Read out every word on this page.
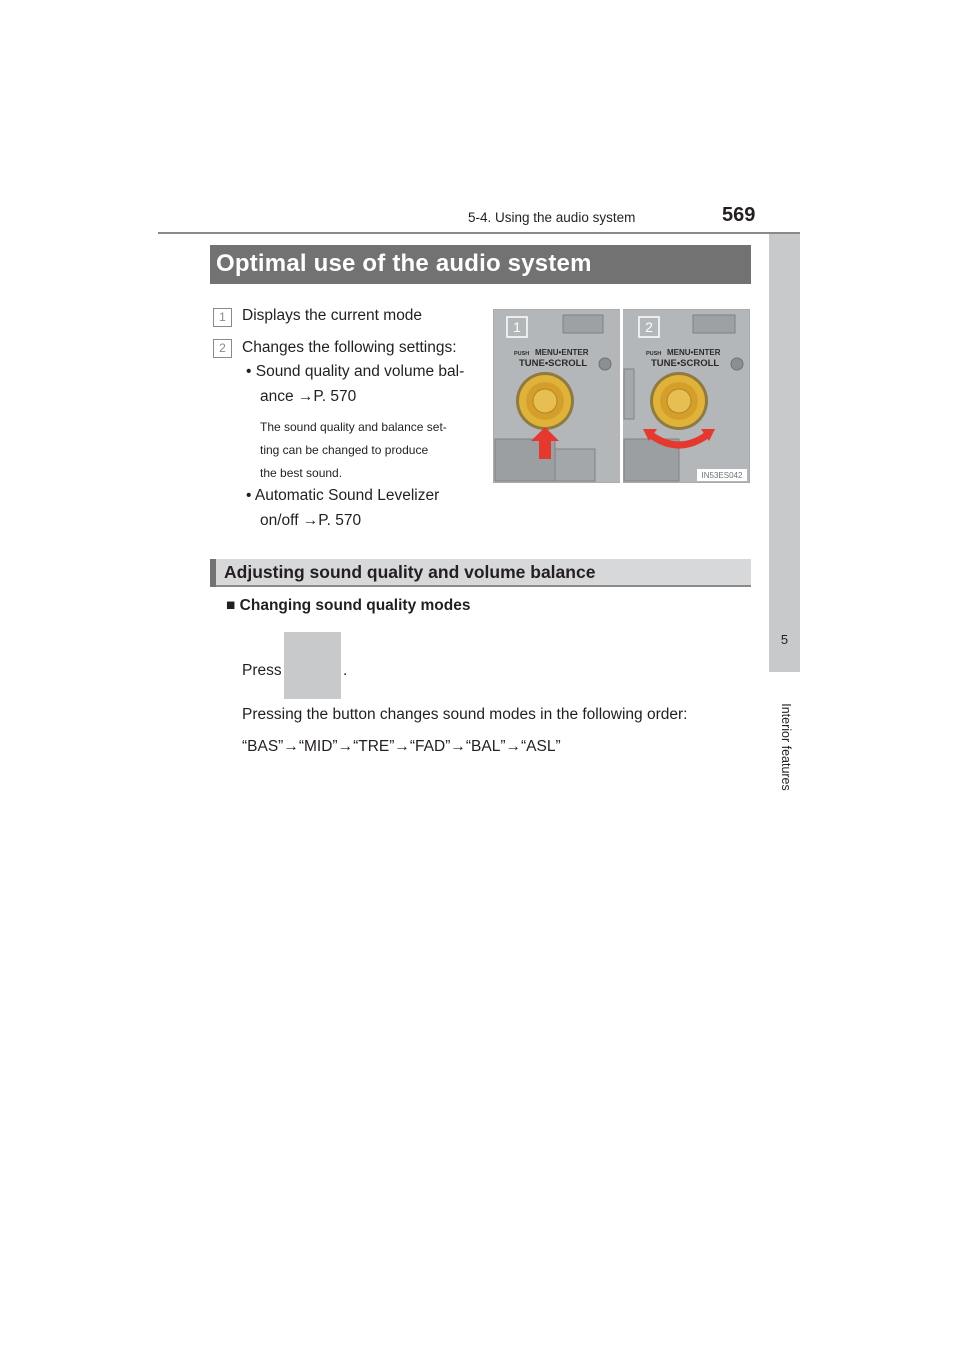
5-4. Using the audio system	569
5
Interior features
Optimal use of the audio system
1	Displays the current mode
2	Changes the following settings:
• Sound quality and volume bal-
ance →P. 570
The sound quality and balance set-
ting can be changed to produce
the best sound.
• Automatic Sound Levelizer
on/off →P. 570
1	2
PUSH MENU•ENTER
TUNE•SCROLL
PUSH MENU•ENTER
TUNE•SCROLL
IN53ES042
Adjusting sound quality and volume balance
■ Changing sound quality modes
Press	.
Pressing the button changes sound modes in the following order:
“BAS”→“MID”→“TRE”→“FAD”→“BAL”→“ASL”
